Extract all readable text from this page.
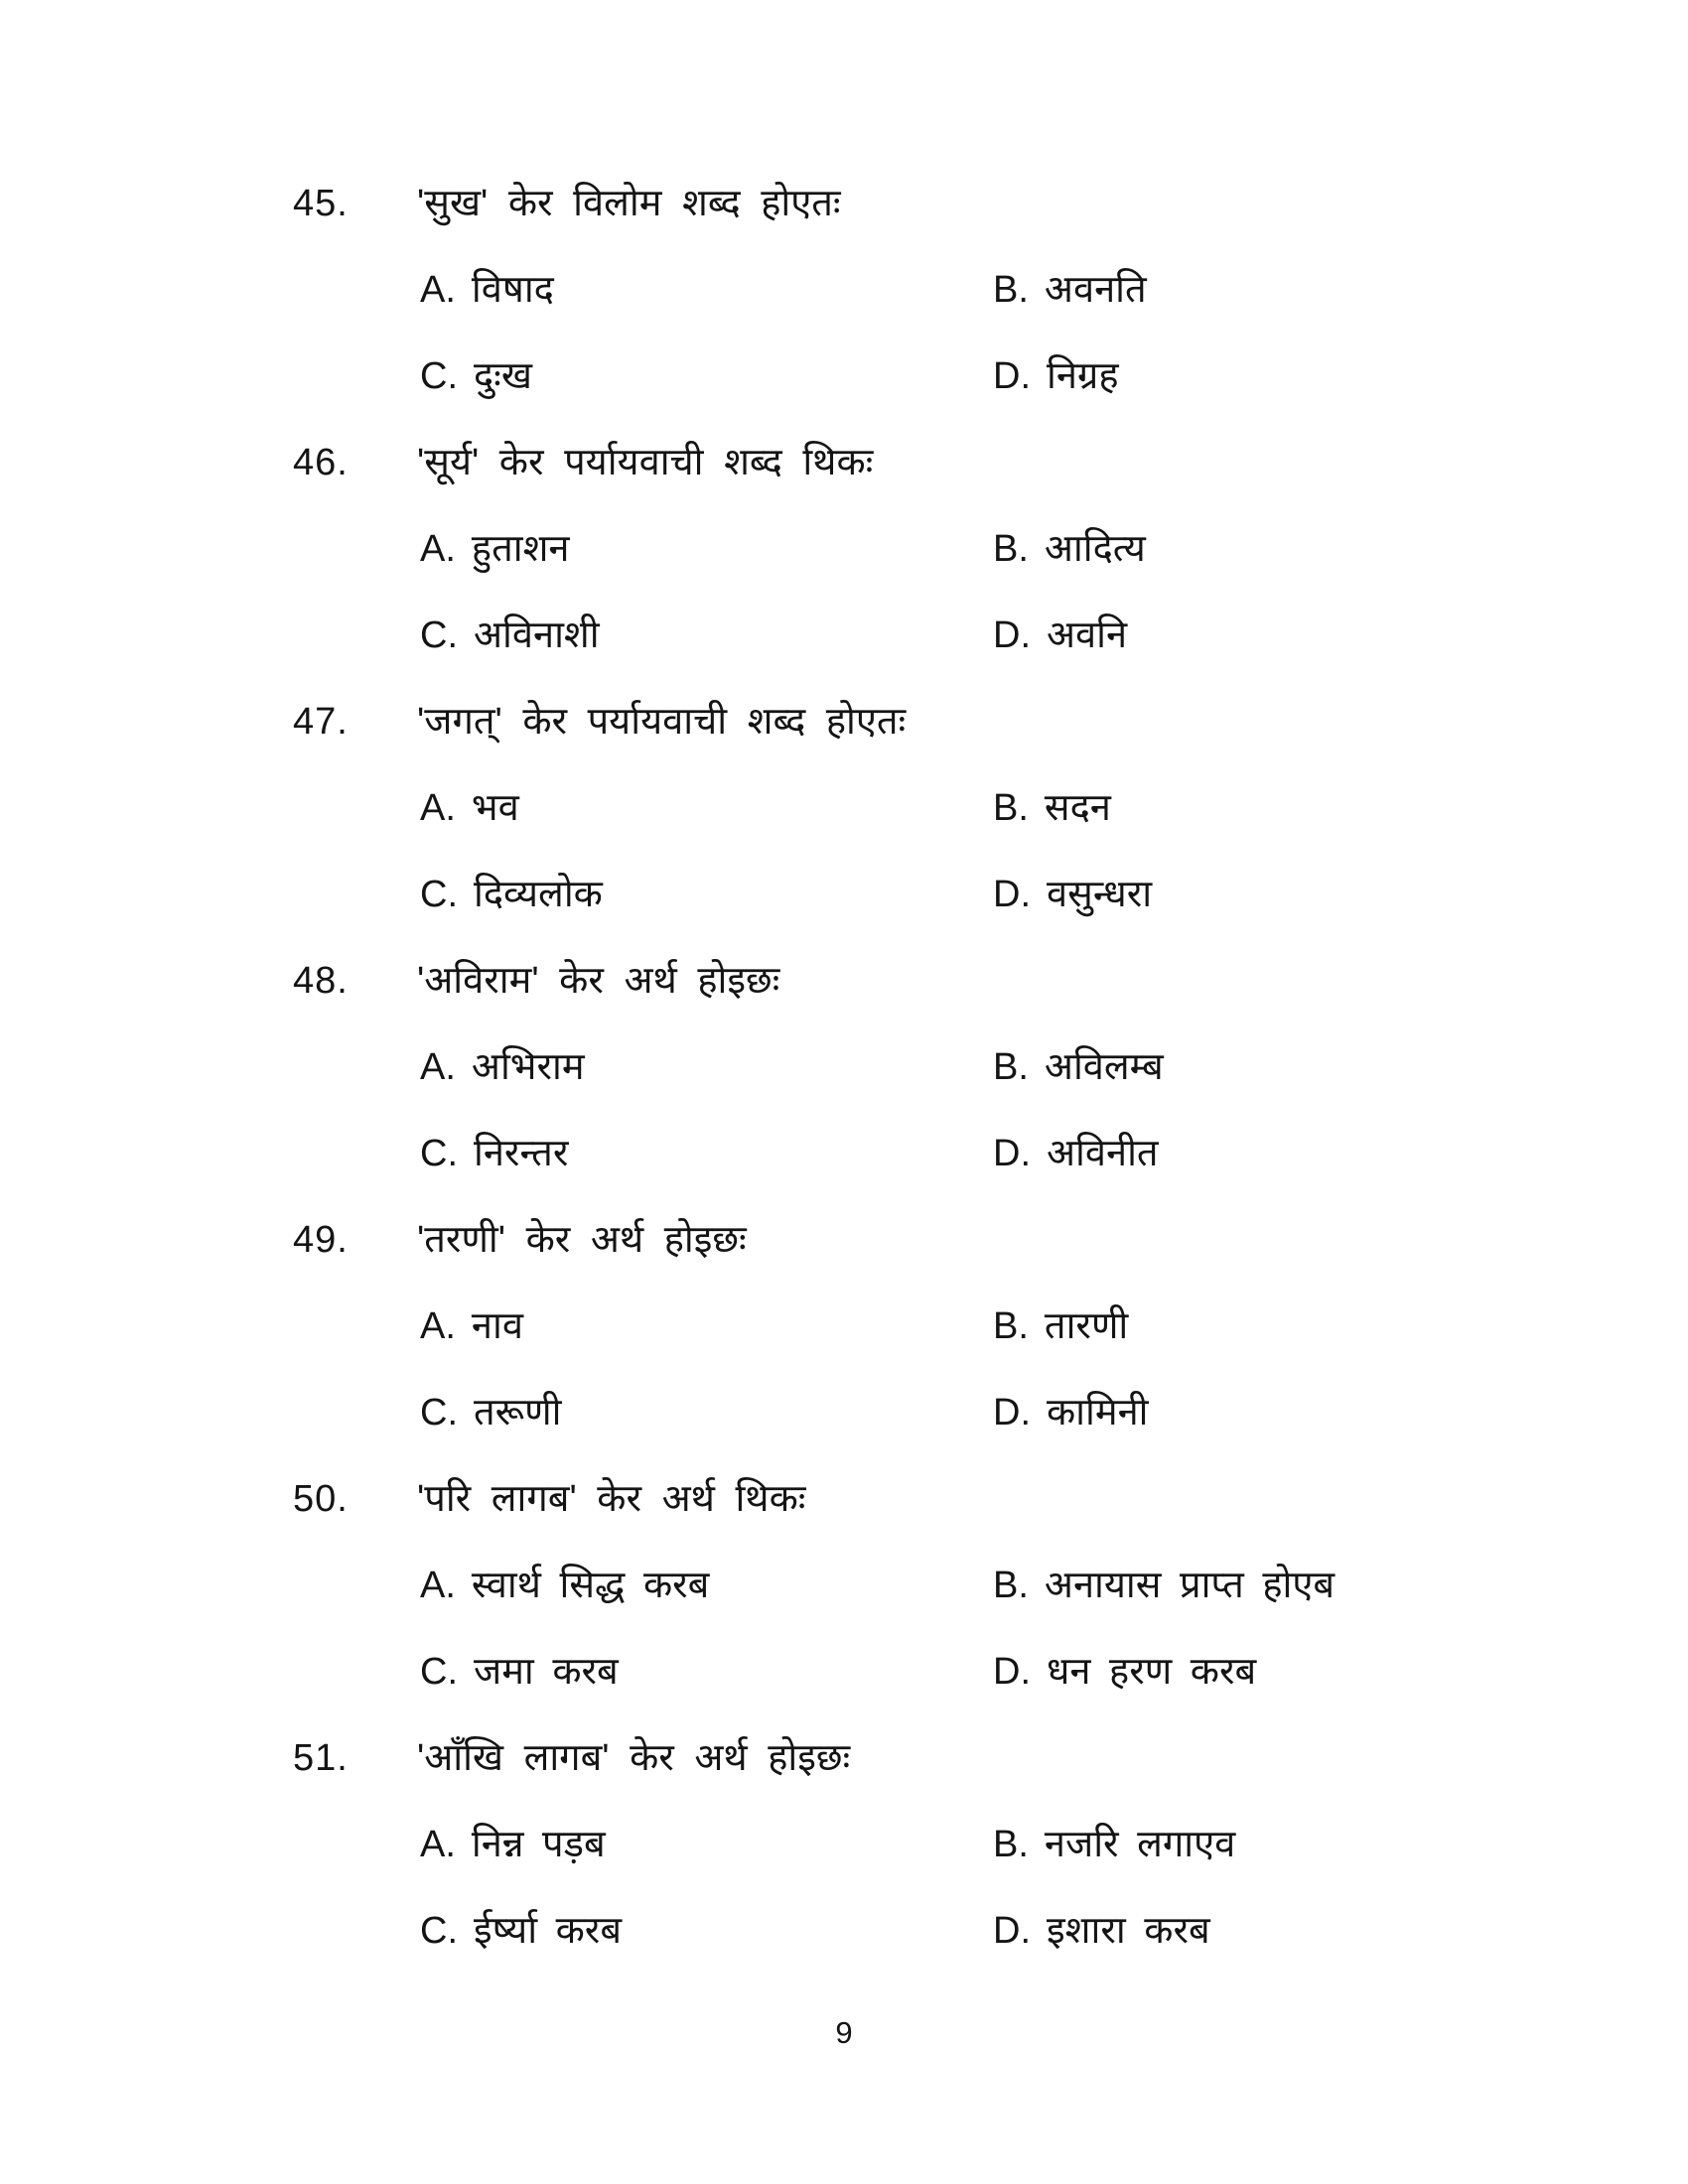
45.	'सुख' केर विलोम शब्द होएतः
A. विषाद	B. अवनति
C. दुःख	D. निग्रह
46.	'सूर्य' केर पर्यायवाची शब्द थिकः
A. हुताशन	B. आदित्य
C. अविनाशी	D. अवनि
47.	'जगत्' केर पर्यायवाची शब्द होएतः
A. भव	B. सदन
C. दिव्यलोक	D. वसुन्धरा
48.	'अविराम' केर अर्थ होइछः
A. अभिराम	B. अविलम्ब
C. निरन्तर	D. अविनीत
49.	'तरणी' केर अर्थ होइछः
A. नाव	B. तारणी
C. तरूणी	D. कामिनी
50.	'परि लागब' केर अर्थ थिकः
A. स्वार्थ सिद्ध करब	B. अनायास प्राप्त होएब
C. जमा करब	D. धन हरण करब
51.	'आँखि लागब' केर अर्थ होइछः
A. निन्न पड़ब	B. नजरि लगाएव
C. ईर्ष्या करब	D. इशारा करब
9
